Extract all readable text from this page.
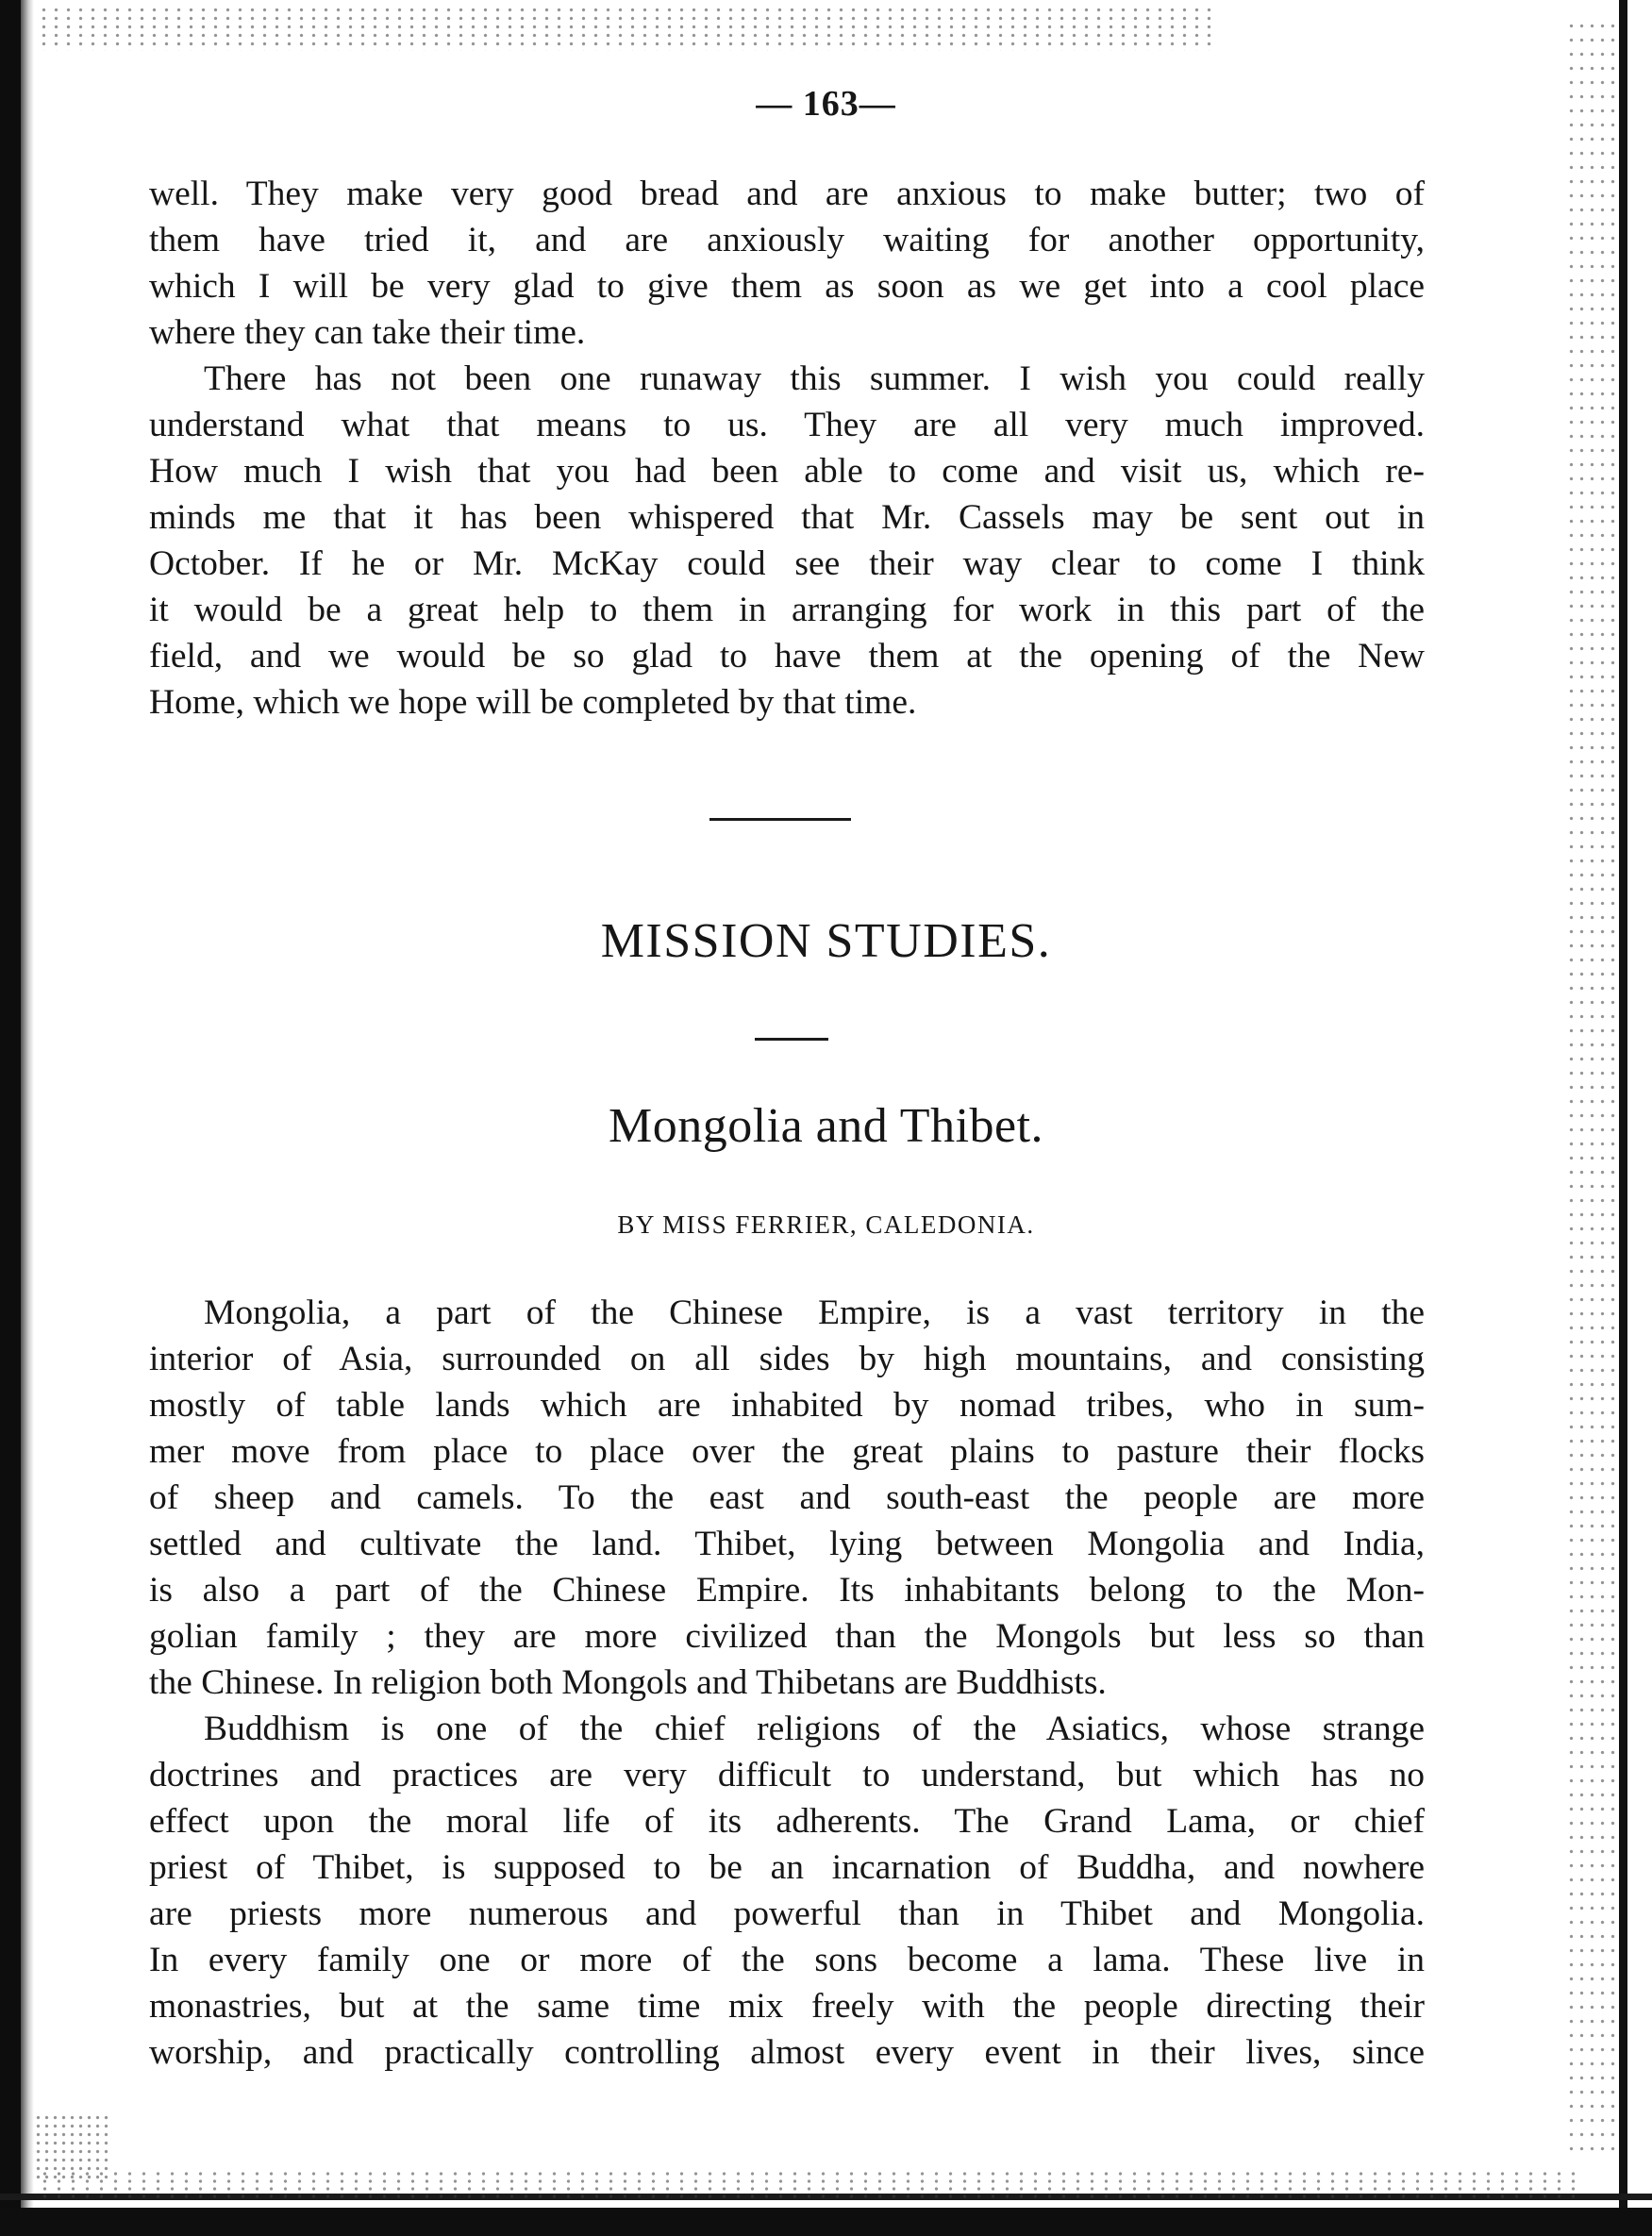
— 163—
well. They make very good bread and are anxious to make butter; two of
them have tried it, and are anxiously waiting for another opportunity,
which I will be very glad to give them as soon as we get into a cool place
where they can take their time.
There has not been one runaway this summer. I wish you could really
understand what that means to us. They are all very much improved.
How much I wish that you had been able to come and visit us, which re-
minds me that it has been whispered that Mr. Cassels may be sent out in
October. If he or Mr. McKay could see their way clear to come I think
it would be a great help to them in arranging for work in this part of the
field, and we would be so glad to have them at the opening of the New
Home, which we hope will be completed by that time.
MISSION STUDIES.
Mongolia and Thibet.
BY MISS FERRIER, CALEDONIA.
Mongolia, a part of the Chinese Empire, is a vast territory in the
interior of Asia, surrounded on all sides by high mountains, and consisting
mostly of table lands which are inhabited by nomad tribes, who in sum-
mer move from place to place over the great plains to pasture their flocks
of sheep and camels. To the east and south-east the people are more
settled and cultivate the land. Thibet, lying between Mongolia and India,
is also a part of the Chinese Empire. Its inhabitants belong to the Mon-
golian family ; they are more civilized than the Mongols but less so than
the Chinese. In religion both Mongols and Thibetans are Buddhists.
Buddhism is one of the chief religions of the Asiatics, whose strange
doctrines and practices are very difficult to understand, but which has no
effect upon the moral life of its adherents. The Grand Lama, or chief
priest of Thibet, is supposed to be an incarnation of Buddha, and nowhere
are priests more numerous and powerful than in Thibet and Mongolia.
In every family one or more of the sons become a lama. These live in
monastries, but at the same time mix freely with the people directing their
worship, and practically controlling almost every event in their lives, since
